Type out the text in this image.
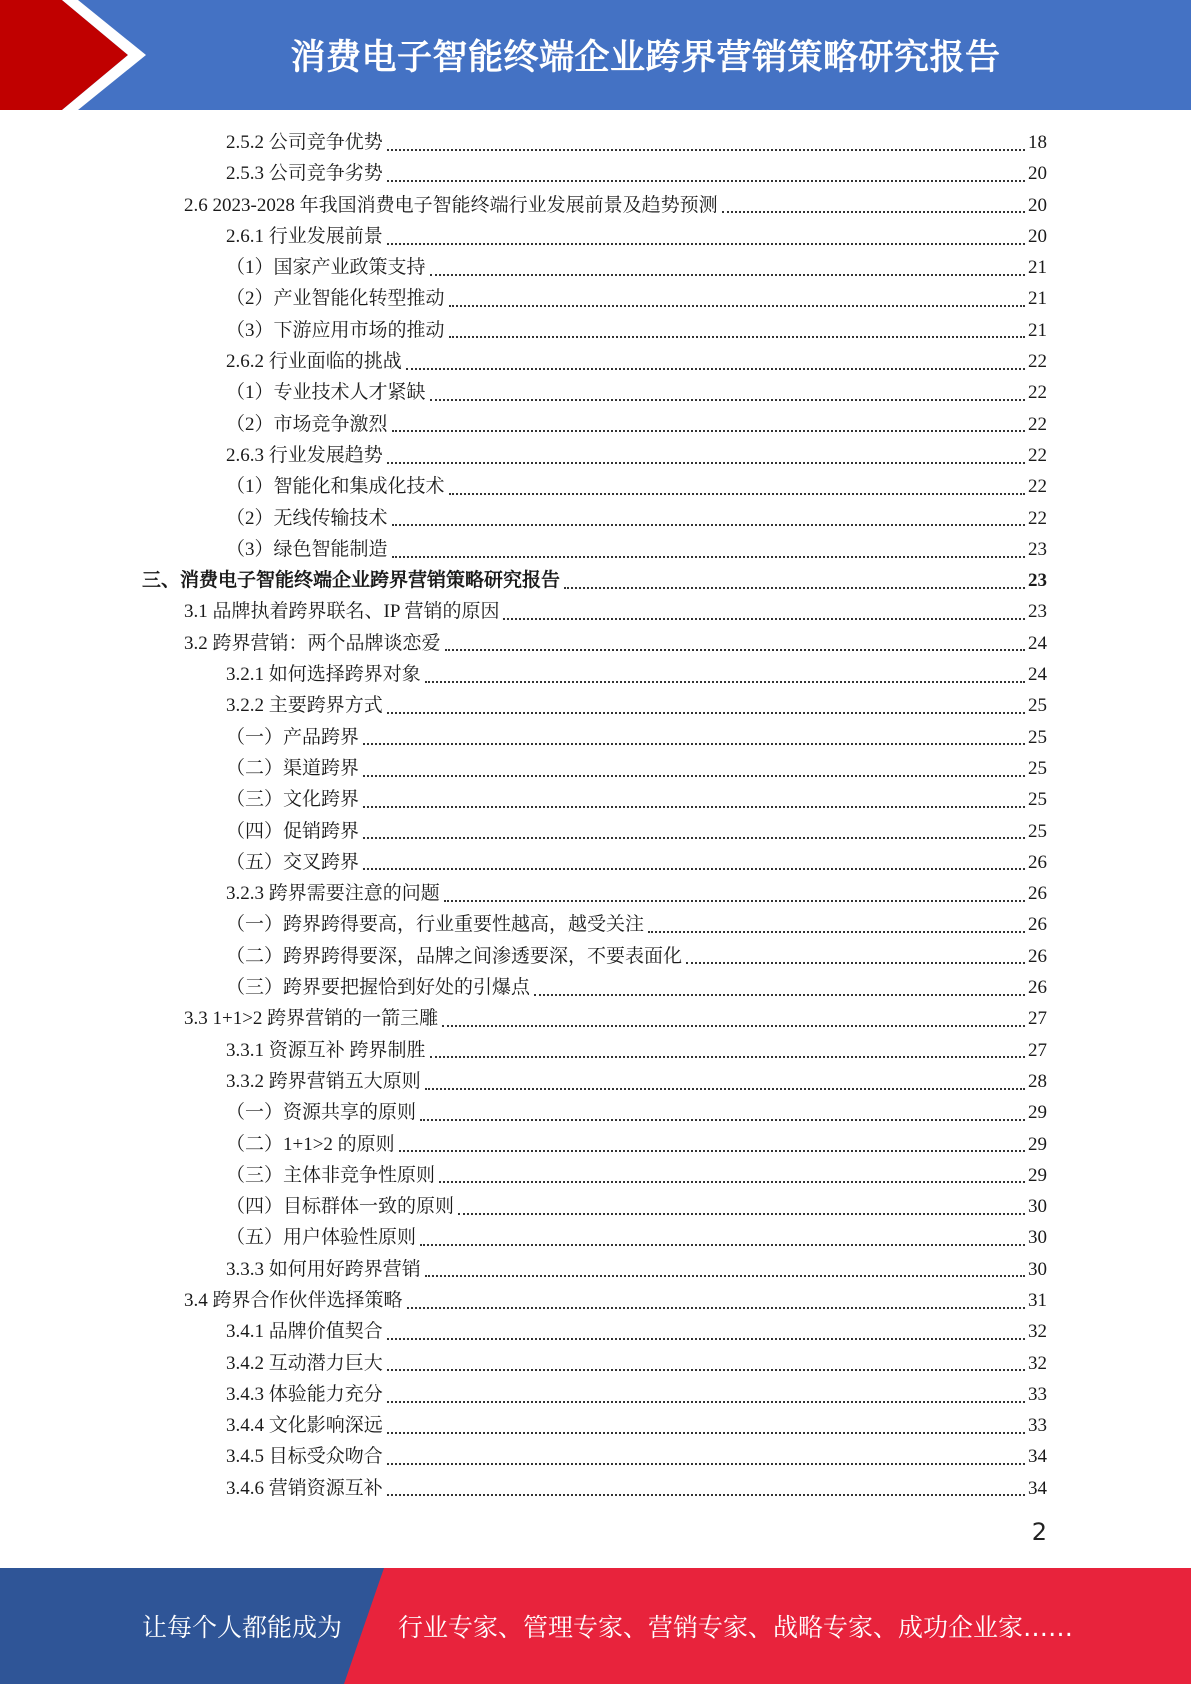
消费电子智能终端企业跨界营销策略研究报告
2.5.2 公司竞争优势	18
2.5.3 公司竞争劣势	20
2.6 2023-2028 年我国消费电子智能终端行业发展前景及趋势预测	20
2.6.1 行业发展前景	20
（1）国家产业政策支持	21
（2）产业智能化转型推动	21
（3）下游应用市场的推动	21
2.6.2 行业面临的挑战	22
（1）专业技术人才紧缺	22
（2）市场竞争激烈	22
2.6.3 行业发展趋势	22
（1）智能化和集成化技术	22
（2）无线传输技术	22
（3）绿色智能制造	23
三、消费电子智能终端企业跨界营销策略研究报告	23
3.1 品牌执着跨界联名、IP 营销的原因	23
3.2 跨界营销：两个品牌谈恋爱	24
3.2.1 如何选择跨界对象	24
3.2.2 主要跨界方式	25
（一）产品跨界	25
（二）渠道跨界	25
（三）文化跨界	25
（四）促销跨界	25
（五）交叉跨界	26
3.2.3 跨界需要注意的问题	26
（一）跨界跨得要高，行业重要性越高，越受关注	26
（二）跨界跨得要深，品牌之间渗透要深，不要表面化	26
（三）跨界要把握恰到好处的引爆点	26
3.3 1+1>2 跨界营销的一箭三雕	27
3.3.1 资源互补 跨界制胜	27
3.3.2 跨界营销五大原则	28
（一）资源共享的原则	29
（二）1+1>2 的原则	29
（三）主体非竞争性原则	29
（四）目标群体一致的原则	30
（五）用户体验性原则	30
3.3.3 如何用好跨界营销	30
3.4 跨界合作伙伴选择策略	31
3.4.1 品牌价值契合	32
3.4.2 互动潜力巨大	32
3.4.3 体验能力充分	33
3.4.4 文化影响深远	33
3.4.5 目标受众吻合	34
3.4.6 营销资源互补	34
2
让每个人都能成为 行业专家、管理专家、营销专家、战略专家、成功企业家……
